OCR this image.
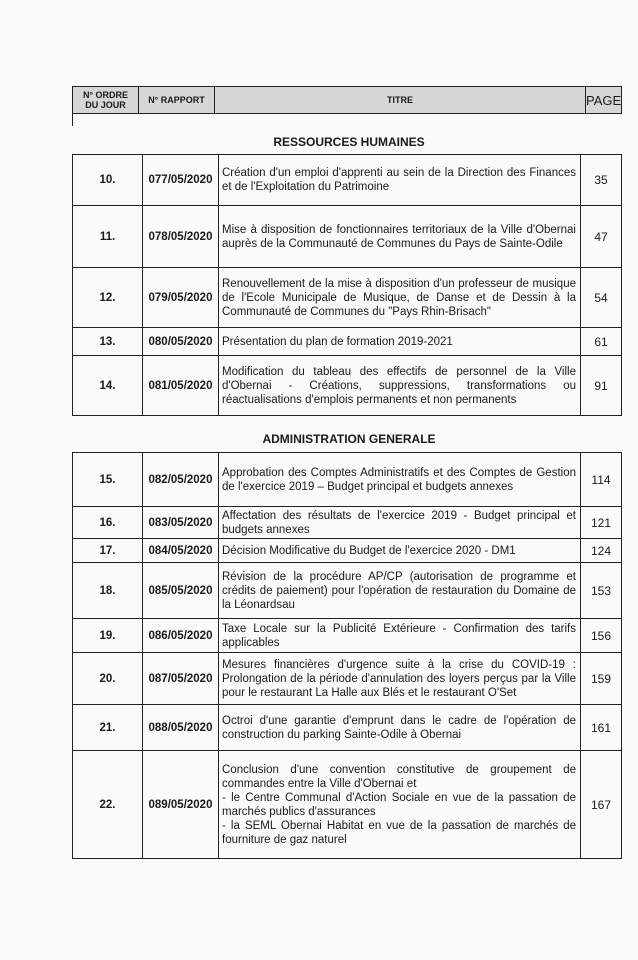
N° ORDRE
DU JOUR	N° RAPPORT	TITRE	PAGE
RESSOURCES HUMAINES
10.	077/05/2020	Création d'un emploi d'apprenti au sein de la Direction des Finances et de l'Exploitation du Patrimoine	35
11.	078/05/2020	Mise à disposition de fonctionnaires territoriaux de la Ville d'Obernai auprès de la Communauté de Communes du Pays de Sainte-Odile	47
12.	079/05/2020	Renouvellement de la mise à disposition d'un professeur de musique de l'Ecole Municipale de Musique, de Danse et de Dessin à la Communauté de Communes du "Pays Rhin-Brisach"	54
13.	080/05/2020	Présentation du plan de formation 2019-2021	61
14.	081/05/2020	Modification du tableau des effectifs de personnel de la Ville d'Obernai - Créations, suppressions, transformations ou réactualisations d'emplois permanents et non permanents	91
ADMINISTRATION GENERALE
15.	082/05/2020	Approbation des Comptes Administratifs et des Comptes de Gestion de l'exercice 2019 – Budget principal et budgets annexes	114
16.	083/05/2020	Affectation des résultats de l'exercice 2019 - Budget principal et budgets annexes	121
17.	084/05/2020	Décision Modificative du Budget de l'exercice 2020 - DM1	124
18.	085/05/2020	Révision de la procédure AP/CP (autorisation de programme et crédits de paiement) pour l'opération de restauration du Domaine de la Léonardsau	153
19.	086/05/2020	Taxe Locale sur la Publicité Extérieure - Confirmation des tarifs applicables	156
20.	087/05/2020	Mesures financières d'urgence suite à la crise du COVID-19 : Prolongation de la période d'annulation des loyers perçus par la Ville pour le restaurant La Halle aux Blés et le restaurant O'Set	159
21.	088/05/2020	Octroi d'une garantie d'emprunt dans le cadre de l'opération de construction du parking Sainte-Odile à Obernai	161
22.	089/05/2020	Conclusion d'une convention constitutive de groupement de commandes entre la Ville d'Obernai et
- le Centre Communal d'Action Sociale en vue de la passation de marchés publics d'assurances
- la SEML Obernai Habitat en vue de la passation de marchés de fourniture de gaz naturel	167
